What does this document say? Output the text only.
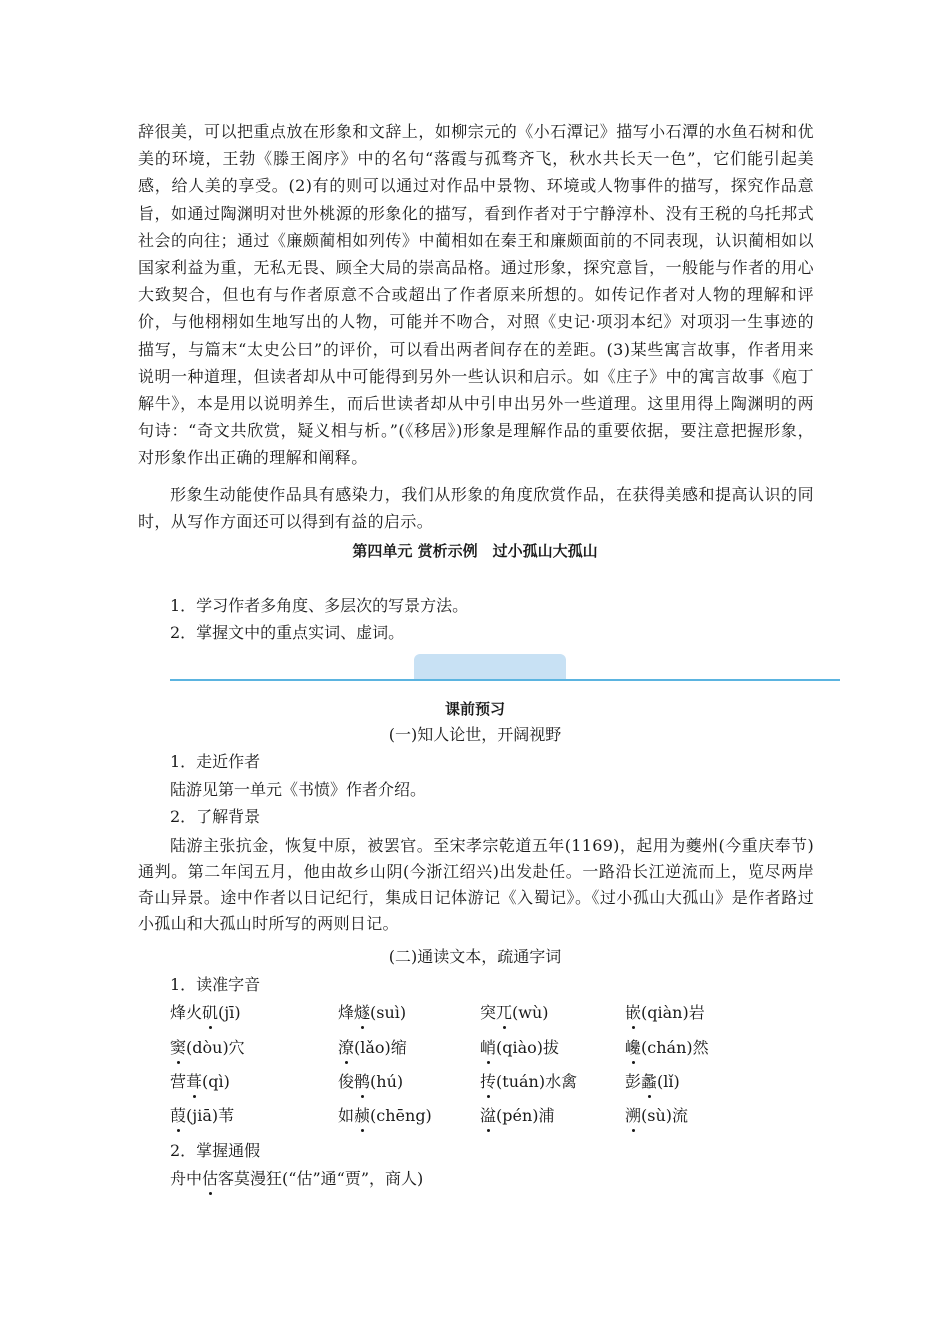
辞很美，可以把重点放在形象和文辞上，如柳宗元的《小石潭记》描写小石潭的水鱼石树和优美的环境，王勃《滕王阁序》中的名句“落霞与孤骛齐飞，秋水共长天一色”，它们能引起美感，给人美的享受。(2)有的则可以通过对作品中景物、环境或人物事件的描写，探究作品意旨，如通过陶渊明对世外桃源的形象化的描写，看到作者对于宁静淳朴、没有王税的乌托邦式社会的向往；通过《廉颇蔺相如列传》中蔺相如在秦王和廉颇面前的不同表现，认识蔺相如以国家利益为重，无私无畏、顾全大局的崇高品格。通过形象，探究意旨，一般能与作者的用心大致契合，但也有与作者原意不合或超出了作者原来所想的。如传记作者对人物的理解和评价，与他栩栩如生地写出的人物，可能并不吻合，对照《史记·项羽本纪》对项羽一生事迹的描写，与篇末“太史公曰”的评价，可以看出两者间存在的差距。(3)某些寓言故事，作者用来说明一种道理，但读者却从中可能得到另外一些认识和启示。如《庄子》中的寓言故事《庖丁解牛》，本是用以说明养生，而后世读者却从中引申出另外一些道理。这里用得上陶渊明的两句诗：“奇文共欣赏，疑义相与析。”(《移居》)形象是理解作品的重要依据，要注意把握形象，对形象作出正确的理解和阐释。

形象生动能使作品具有感染力，我们从形象的角度欣赏作品，在获得美感和提高认识的同时，从写作方面还可以得到有益的启示。

第四单元 赏析示例　过小孤山大孤山

1．学习作者多角度、多层次的写景方法。

2．掌握文中的重点实词、虚词。

课前预习

(一)知人论世，开阔视野

1．走近作者

陆游见第一单元《书愤》作者介绍。

2．了解背景

陆游主张抗金，恢复中原，被罢官。至宋孝宗乾道五年(1169)，起用为夔州(今重庆奉节)通判。第二年闰五月，他由故乡山阴(今浙江绍兴)出发赴任。一路沿长江逆流而上，览尽两岸奇山异景。途中作者以日记纪行，集成日记体游记《入蜀记》。《过小孤山大孤山》是作者路过小孤山和大孤山时所写的两则日记。

(二)通读文本，疏通字词

1．读准字音

烽火矶(jī)	烽燧(suì)	突兀(wù)	嵌(qiàn)岩

窦(dòu)穴	潦(lǎo)缩	峭(qiào)拔	巉(chán)然

营葺(qì)	俊鹘(hú)	抟(tuán)水禽	彭蠡(lǐ)

葭(jiā)苇	如赪(chēng)	湓(pén)浦	溯(sù)流

2．掌握通假

舟中估客莫漫狂(“估”通“贾”，商人)
